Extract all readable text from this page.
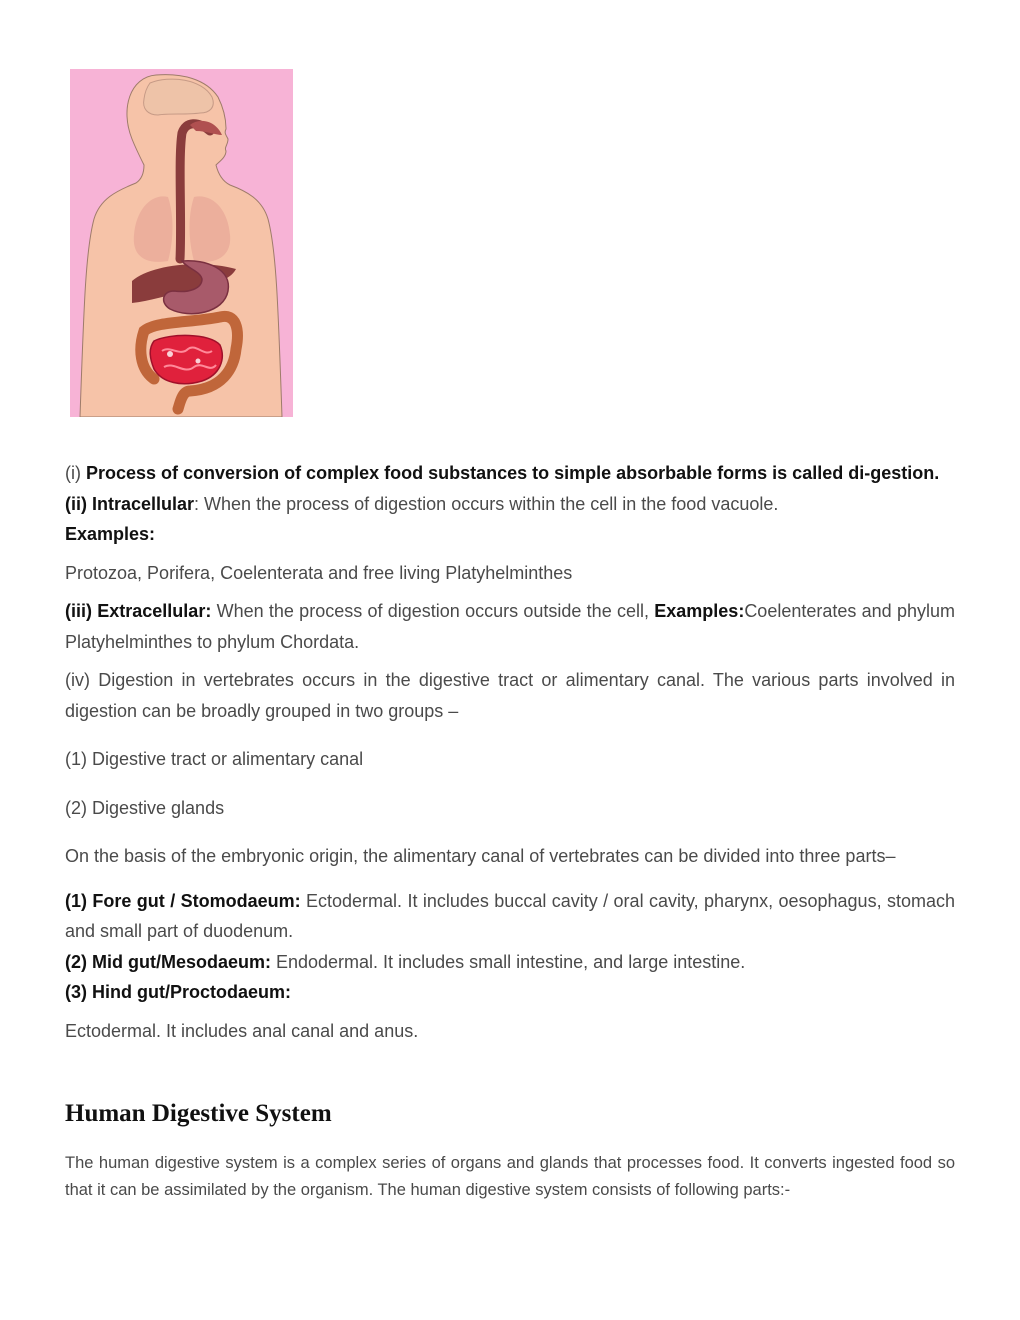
(i) Process of conversion of complex food substances to simple absorbable forms is called di-gestion.

(ii) Intracellular: When the process of digestion occurs within the cell in the food vacuole.

Examples:

Protozoa, Porifera, Coelenterata and free living Platyhelminthes

(iii) Extracellular: When the process of digestion occurs outside the cell, Examples:Coelenterates and phylum Platyhelminthes to phylum Chordata.

(iv) Digestion in vertebrates occurs in the digestive tract or alimentary canal. The various parts involved in digestion can be broadly grouped in two groups –

(1) Digestive tract or alimentary canal

(2) Digestive glands

On the basis of the embryonic origin, the alimentary canal of vertebrates can be divided into three parts–

(1) Fore gut / Stomodaeum: Ectodermal. It includes buccal cavity / oral cavity, pharynx, oesophagus, stomach and small part of duodenum.

(2) Mid gut/Mesodaeum: Endodermal. It includes small intestine, and large intestine.

(3) Hind gut/Proctodaeum:

Ectodermal. It includes anal canal and anus.

Human Digestive System

The human digestive system is a complex series of organs and glands that processes food. It converts ingested food so that it can be assimilated by the organism. The human digestive system consists of following parts:-
